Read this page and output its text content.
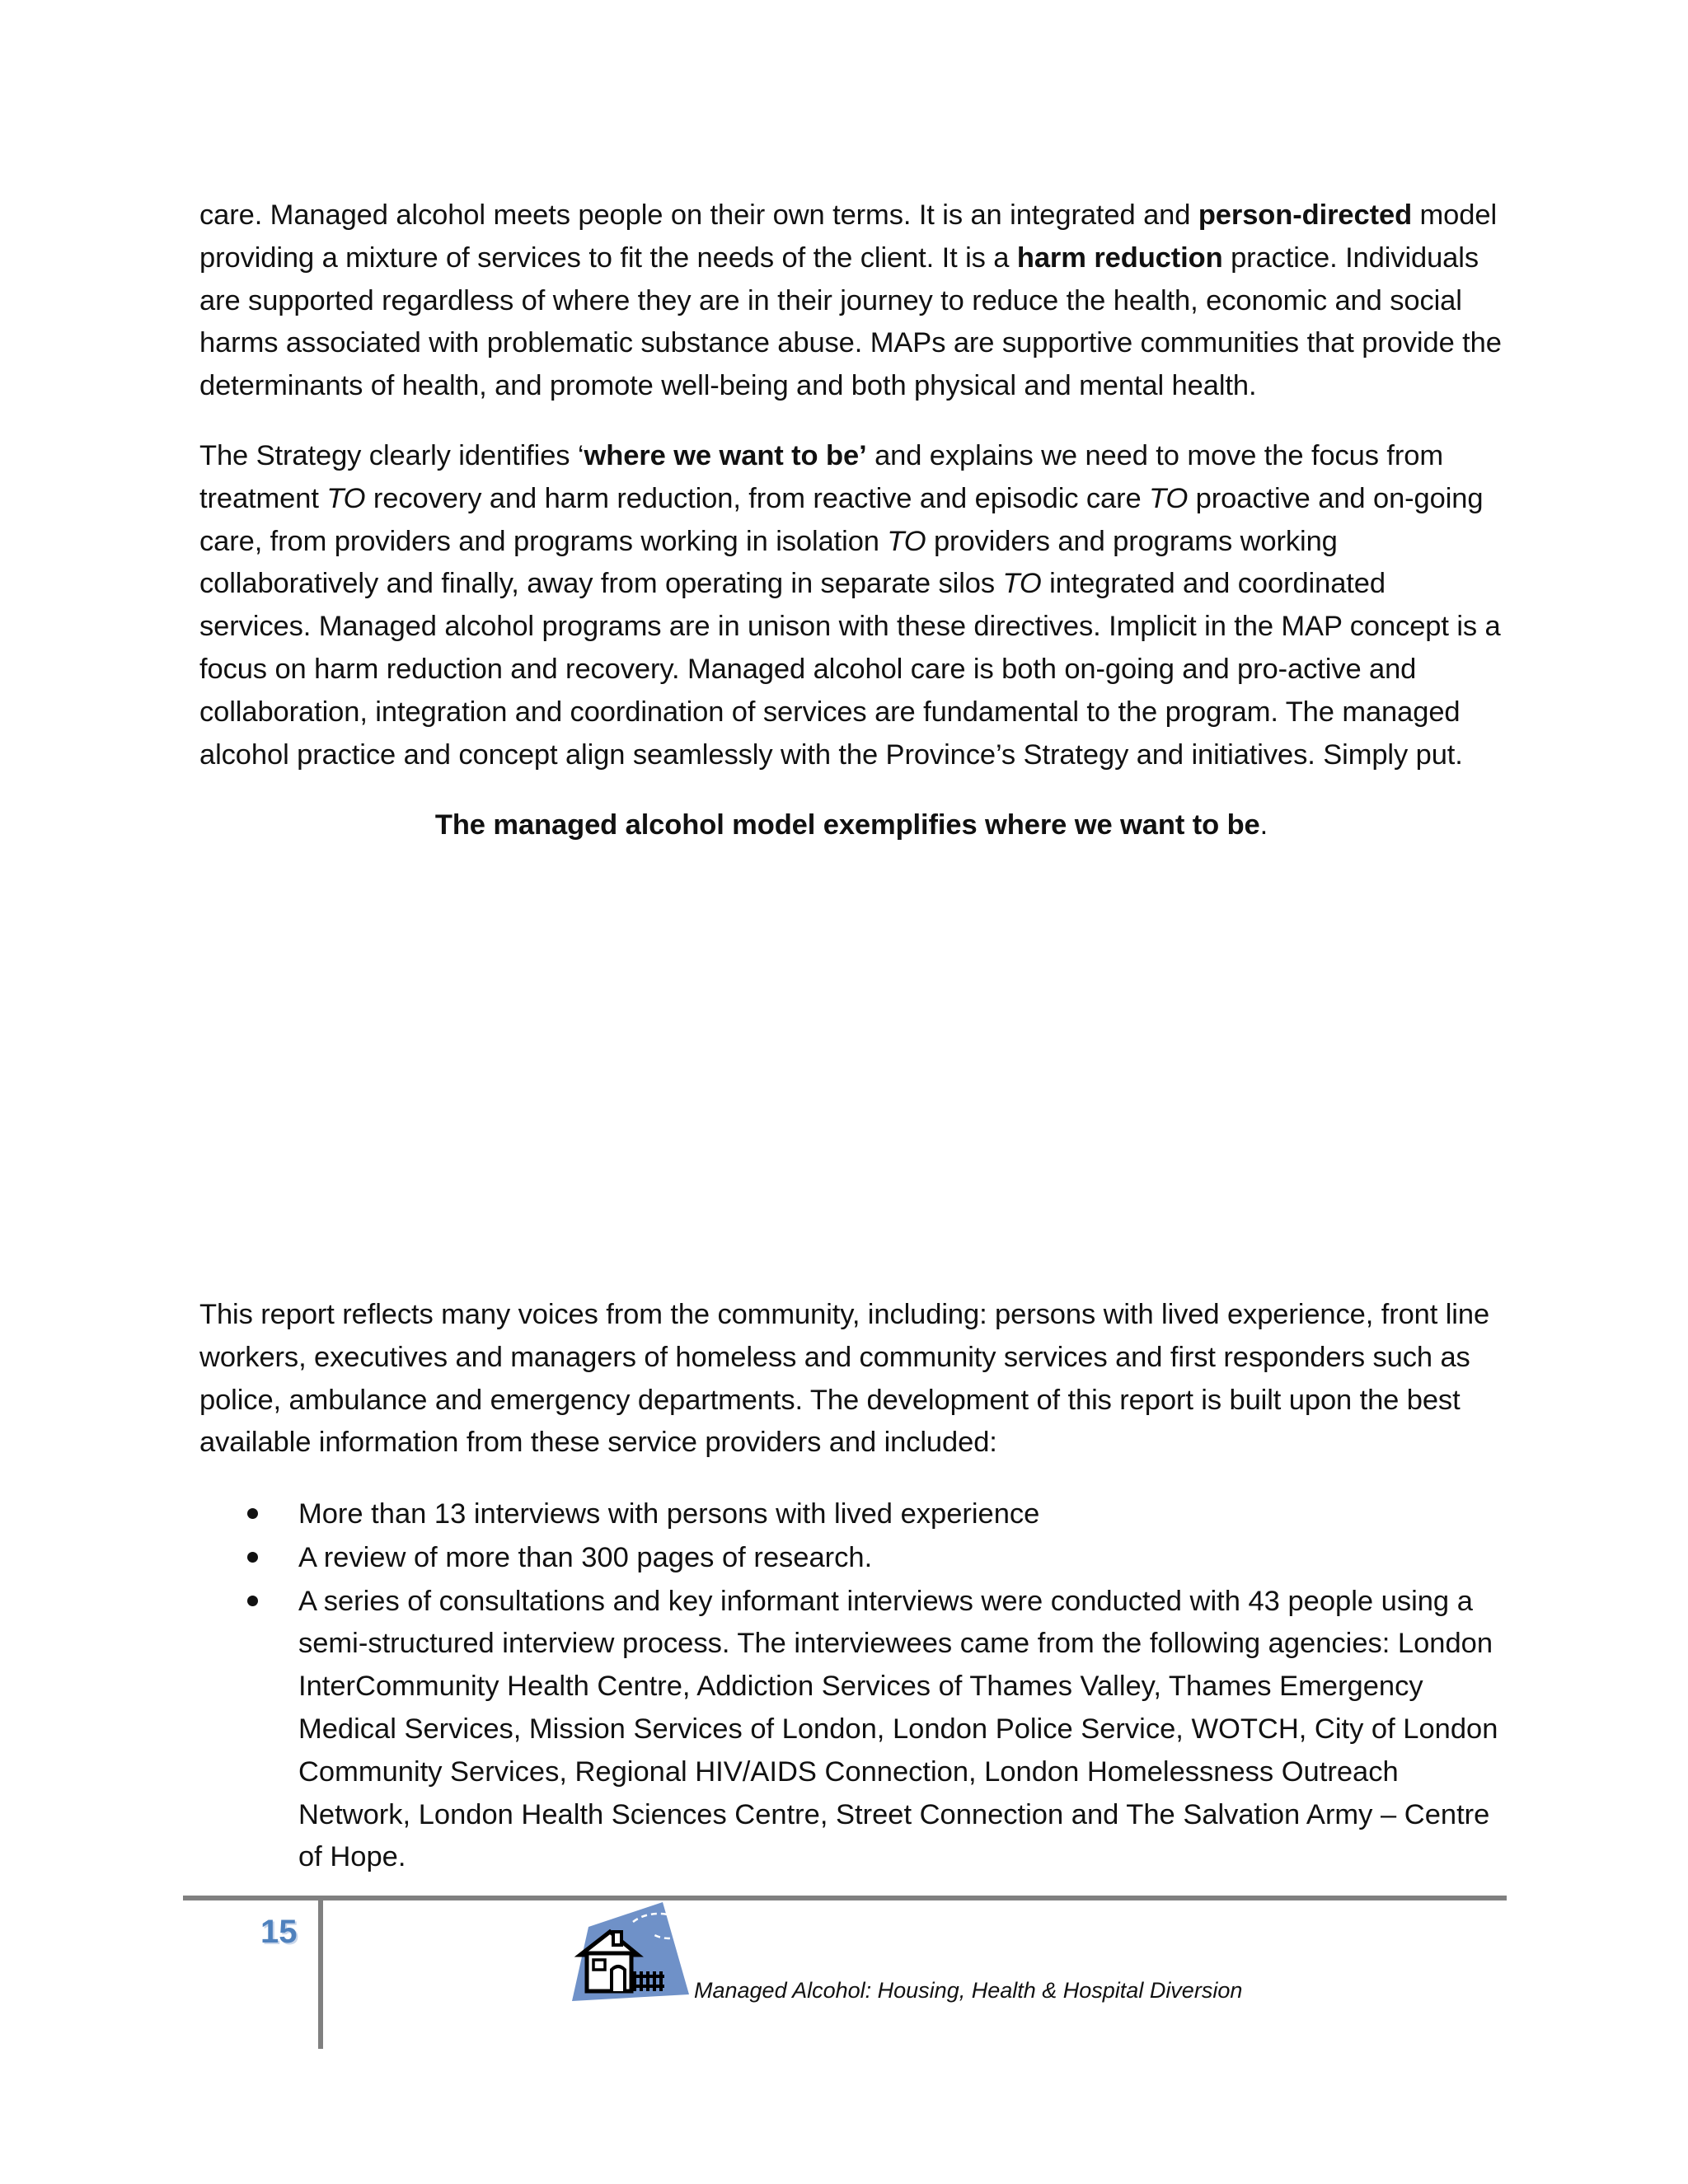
care. Managed alcohol meets people on their own terms. It is an integrated and person-directed model providing a mixture of services to fit the needs of the client. It is a harm reduction practice. Individuals are supported regardless of where they are in their journey to reduce the health, economic and social harms associated with problematic substance abuse. MAPs are supportive communities that provide the determinants of health, and promote well-being and both physical and mental health.

The Strategy clearly identifies ‘where we want to be’ and explains we need to move the focus from treatment TO recovery and harm reduction, from reactive and episodic care TO proactive and on-going care, from providers and programs working in isolation TO providers and programs working collaboratively and finally, away from operating in separate silos TO integrated and coordinated services. Managed alcohol programs are in unison with these directives. Implicit in the MAP concept is a focus on harm reduction and recovery. Managed alcohol care is both on-going and pro-active and collaboration, integration and coordination of services are fundamental to the program. The managed alcohol practice and concept align seamlessly with the Province’s Strategy and initiatives. Simply put.

The managed alcohol model exemplifies where we want to be.

This report reflects many voices from the community, including: persons with lived experience, front line workers, executives and managers of homeless and community services and first responders such as police, ambulance and emergency departments. The development of this report is built upon the best available information from these service providers and included:

More than 13 interviews with persons with lived experience
A review of more than 300 pages of research.
A series of consultations and key informant interviews were conducted with 43 people using a semi-structured interview process. The interviewees came from the following agencies: London InterCommunity Health Centre, Addiction Services of Thames Valley, Thames Emergency Medical Services, Mission Services of London, London Police Service, WOTCH, City of London Community Services, Regional HIV/AIDS Connection, London Homelessness Outreach Network, London Health Sciences Centre, Street Connection and The Salvation Army – Centre of Hope.
15
Managed Alcohol: Housing, Health & Hospital Diversion
